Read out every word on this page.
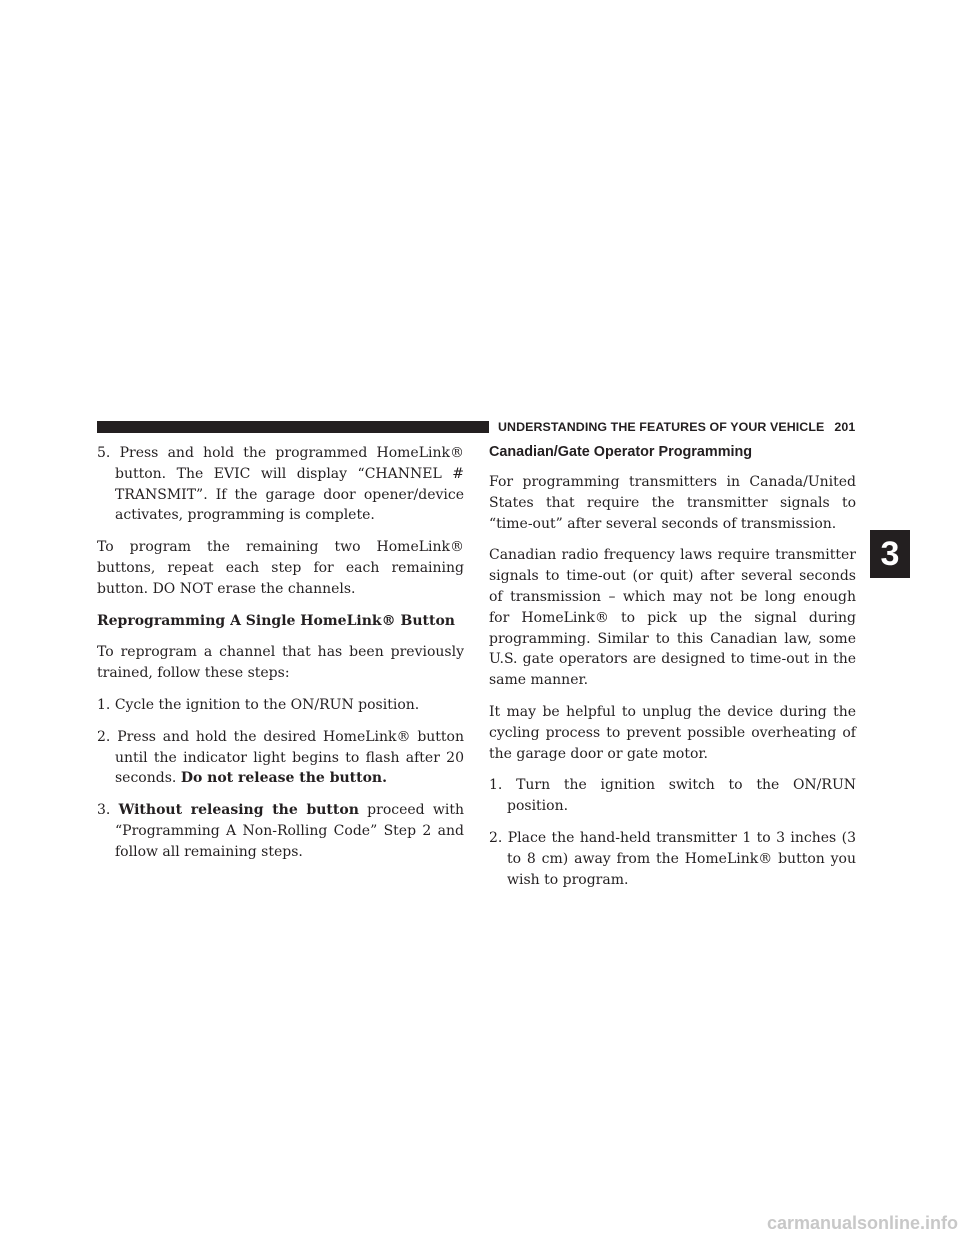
UNDERSTANDING THE FEATURES OF YOUR VEHICLE 201
3

5. Press and hold the programmed HomeLink® button. The EVIC will display “CHANNEL # TRANSMIT”. If the garage door opener/device activates, programming is complete.

To program the remaining two HomeLink® buttons, repeat each step for each remaining button. DO NOT erase the channels.

Reprogramming A Single HomeLink® Button

To reprogram a channel that has been previously trained, follow these steps:

1. Cycle the ignition to the ON/RUN position.

2. Press and hold the desired HomeLink® button until the indicator light begins to flash after 20 seconds. Do not release the button.

3. Without releasing the button proceed with “Programming A Non-Rolling Code” Step 2 and follow all remaining steps.

Canadian/Gate Operator Programming

For programming transmitters in Canada/United States that require the transmitter signals to “time-out” after several seconds of transmission.

Canadian radio frequency laws require transmitter signals to time-out (or quit) after several seconds of transmission – which may not be long enough for HomeLink® to pick up the signal during programming. Similar to this Canadian law, some U.S. gate operators are designed to time-out in the same manner.

It may be helpful to unplug the device during the cycling process to prevent possible overheating of the garage door or gate motor.

1. Turn the ignition switch to the ON/RUN position.

2. Place the hand-held transmitter 1 to 3 inches (3 to 8 cm) away from the HomeLink® button you wish to program.

carmanualsonline.info
